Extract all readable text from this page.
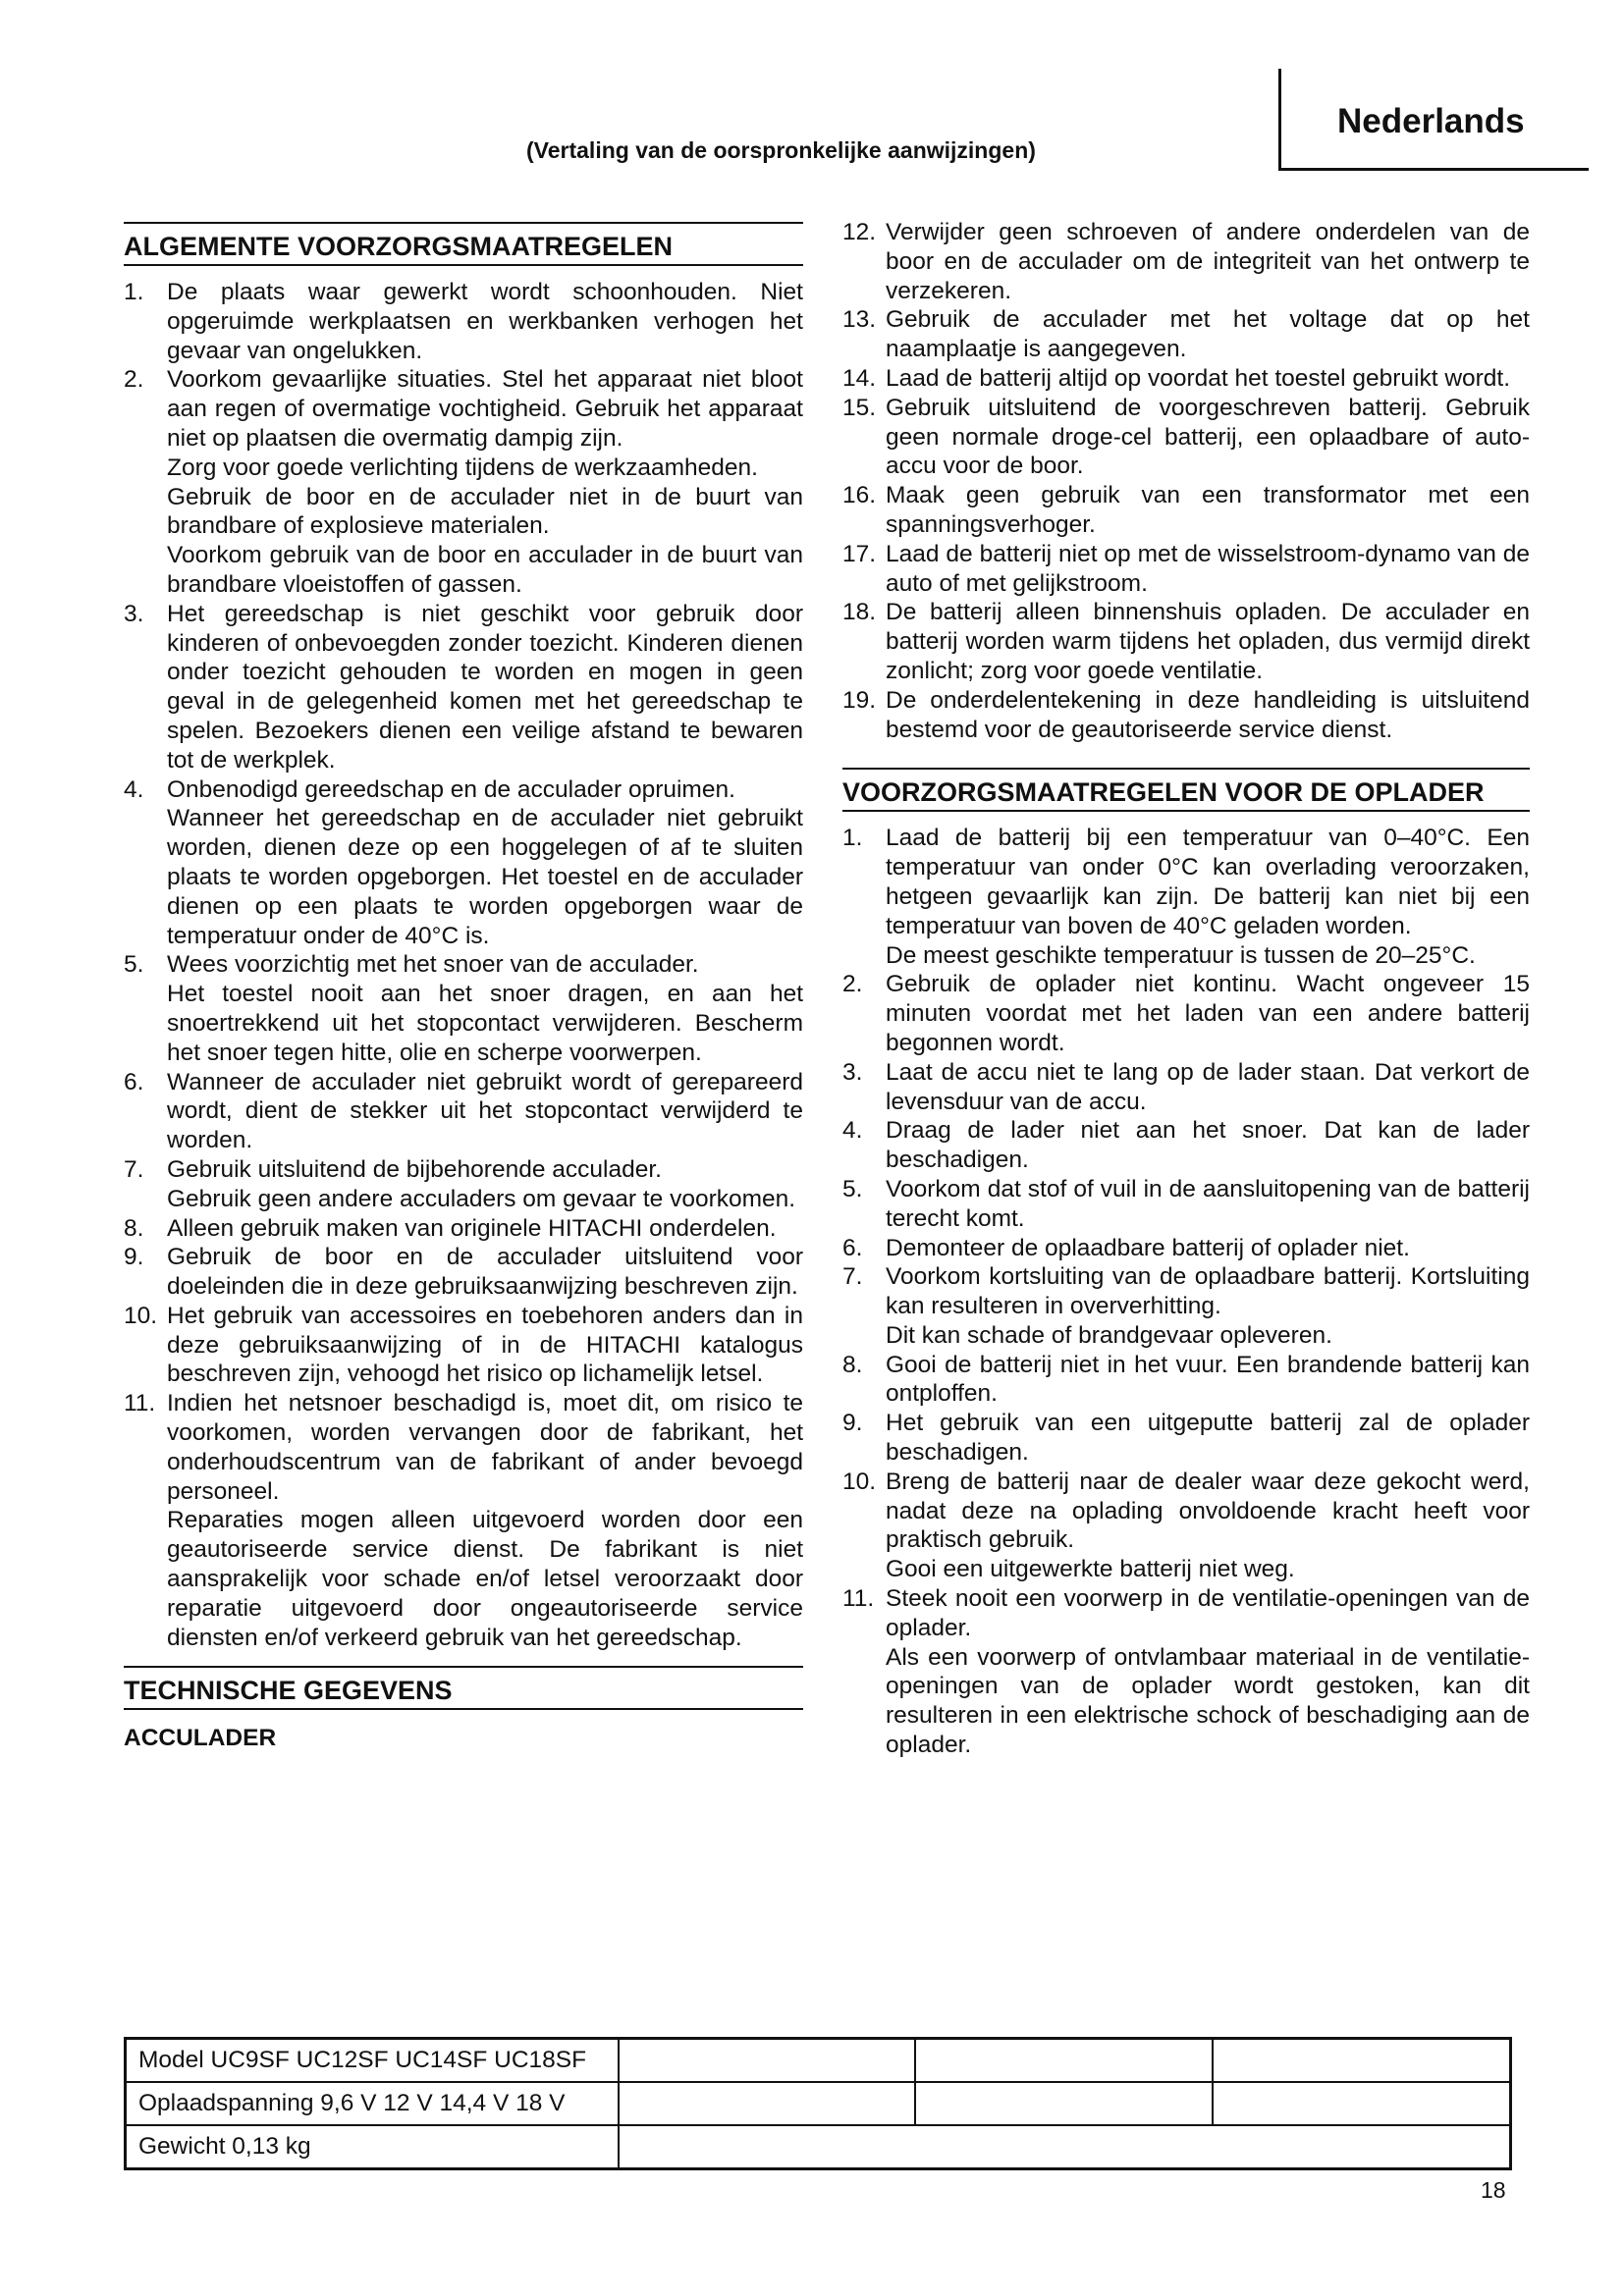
Nederlands
(Vertaling van de oorspronkelijke aanwijzingen)
ALGEMENTE VOORZORGSMAATREGELEN
1. De plaats waar gewerkt wordt schoonhouden. Niet opgeruimde werkplaatsen en werkbanken verhogen het gevaar van ongelukken.

2. Voorkom gevaarlijke situaties. Stel het apparaat niet bloot aan regen of overmatige vochtigheid. Gebruik het apparaat niet op plaatsen die overmatig dampig zijn.

Zorg voor goede verlichting tijdens de werkzaamheden.

Gebruik de boor en de acculader niet in de buurt van brandbare of explosieve materialen.

Voorkom gebruik van de boor en acculader in de buurt van brandbare vloeistoffen of gassen.

3. Het gereedschap is niet geschikt voor gebruik door kinderen of onbevoegden zonder toezicht. Kinderen dienen onder toezicht gehouden te worden en mogen in geen geval in de gelegenheid komen met het gereedschap te spelen. Bezoekers dienen een veilige afstand te bewaren tot de werkplek.

4. Onbenodigd gereedschap en de acculader opruimen.

Wanneer het gereedschap en de acculader niet gebruikt worden, dienen deze op een hoggelegen of af te sluiten plaats te worden opgeborgen. Het toestel en de acculader dienen op een plaats te worden opgeborgen waar de temperatuur onder de 40°C is.

5. Wees voorzichtig met het snoer van de acculader.

Het toestel nooit aan het snoer dragen, en aan het snoertrekkend uit het stopcontact verwijderen. Bescherm het snoer tegen hitte, olie en scherpe voorwerpen.

6. Wanneer de acculader niet gebruikt wordt of gerepareerd wordt, dient de stekker uit het stopcontact verwijderd te worden.

7. Gebruik uitsluitend de bijbehorende acculader.

Gebruik geen andere acculaders om gevaar te voorkomen.

8. Alleen gebruik maken van originele HITACHI onderdelen.

9. Gebruik de boor en de acculader uitsluitend voor doeleinden die in deze gebruiksaanwijzing beschreven zijn.

10. Het gebruik van accessoires en toebehoren anders dan in deze gebruiksaanwijzing of in de HITACHI katalogus beschreven zijn, vehoogd het risico op lichamelijk letsel.

11. Indien het netsnoer beschadigd is, moet dit, om risico te voorkomen, worden vervangen door de fabrikant, het onderhoudscentrum van de fabrikant of ander bevoegd personeel.

Reparaties mogen alleen uitgevoerd worden door een geautoriseerde service dienst. De fabrikant is niet aansprakelijk voor schade en/of letsel veroorzaakt door reparatie uitgevoerd door ongeautoriseerde service diensten en/of verkeerd gebruik van het gereedschap.

TECHNISCHE GEGEVENS
ACCULADER
12. Verwijder geen schroeven of andere onderdelen van de boor en de acculader om de integriteit van het ontwerp te verzekeren.

13. Gebruik de acculader met het voltage dat op het naamplaatje is aangegeven.

14. Laad de batterij altijd op voordat het toestel gebruikt wordt.

15. Gebruik uitsluitend de voorgeschreven batterij. Gebruik geen normale droge-cel batterij, een oplaadbare of auto-accu voor de boor.

16. Maak geen gebruik van een transformator met een spanningsverhoger.

17. Laad de batterij niet op met de wisselstroom-dynamo van de auto of met gelijkstroom.

18. De batterij alleen binnenshuis opladen. De acculader en batterij worden warm tijdens het opladen, dus vermijd direkt zonlicht; zorg voor goede ventilatie.

19. De onderdelentekening in deze handleiding is uitsluitend bestemd voor de geautoriseerde service dienst.

VOORZORGSMAATREGELEN VOOR DE OPLADER
1. Laad de batterij bij een temperatuur van 0–40°C. Een temperatuur van onder 0°C kan overlading veroorzaken, hetgeen gevaarlijk kan zijn. De batterij kan niet bij een temperatuur van boven de 40°C geladen worden.

De meest geschikte temperatuur is tussen de 20–25°C.

2. Gebruik de oplader niet kontinu. Wacht ongeveer 15 minuten voordat met het laden van een andere batterij begonnen wordt.

3. Laat de accu niet te lang op de lader staan. Dat verkort de levensduur van de accu.

4. Draag de lader niet aan het snoer. Dat kan de lader beschadigen.

5. Voorkom dat stof of vuil in de aansluitopening van de batterij terecht komt.

6. Demonteer de oplaadbare batterij of oplader niet.

7. Voorkom kortsluiting van de oplaadbare batterij. Kortsluiting kan resulteren in oververhitting.

Dit kan schade of brandgevaar opleveren.

8. Gooi de batterij niet in het vuur. Een brandende batterij kan ontploffen.

9. Het gebruik van een uitgeputte batterij zal de oplader beschadigen.

10. Breng de batterij naar de dealer waar deze gekocht werd, nadat deze na oplading onvoldoende kracht heeft voor praktisch gebruik.

Gooi een uitgewerkte batterij niet weg.

11. Steek nooit een voorwerp in de ventilatie-openingen van de oplader.

Als een voorwerp of ontvlambaar materiaal in de ventilatie-openingen van de oplader wordt gestoken, kan dit resulteren in een elektrische schock of beschadiging aan de oplader.

Model UC9SF UC12SF UC14SF UC18SF			
Oplaadspanning 9,6 V 12 V 14,4 V 18 V			
Gewicht 0,13 kg			
18
